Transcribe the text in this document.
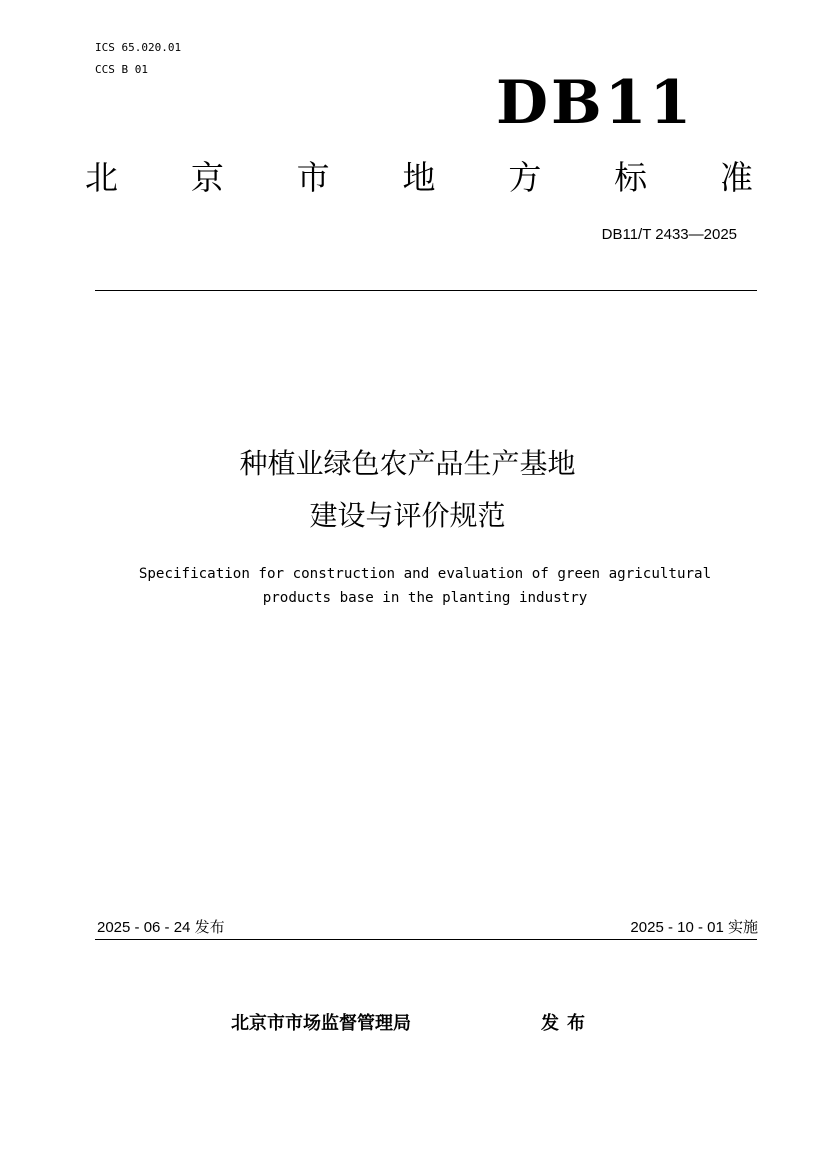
ICS 65.020.01
CCS B 01	DB11
北 京 市 地 方 标 准
DB11/T 2433—2025
种植业绿色农产品生产基地
建设与评价规范
Specification for construction and evaluation of green agricultural
products base in the planting industry
2025 - 06 - 24 发布	2025 - 10 - 01 实施
北京市市场监督管理局	发布
